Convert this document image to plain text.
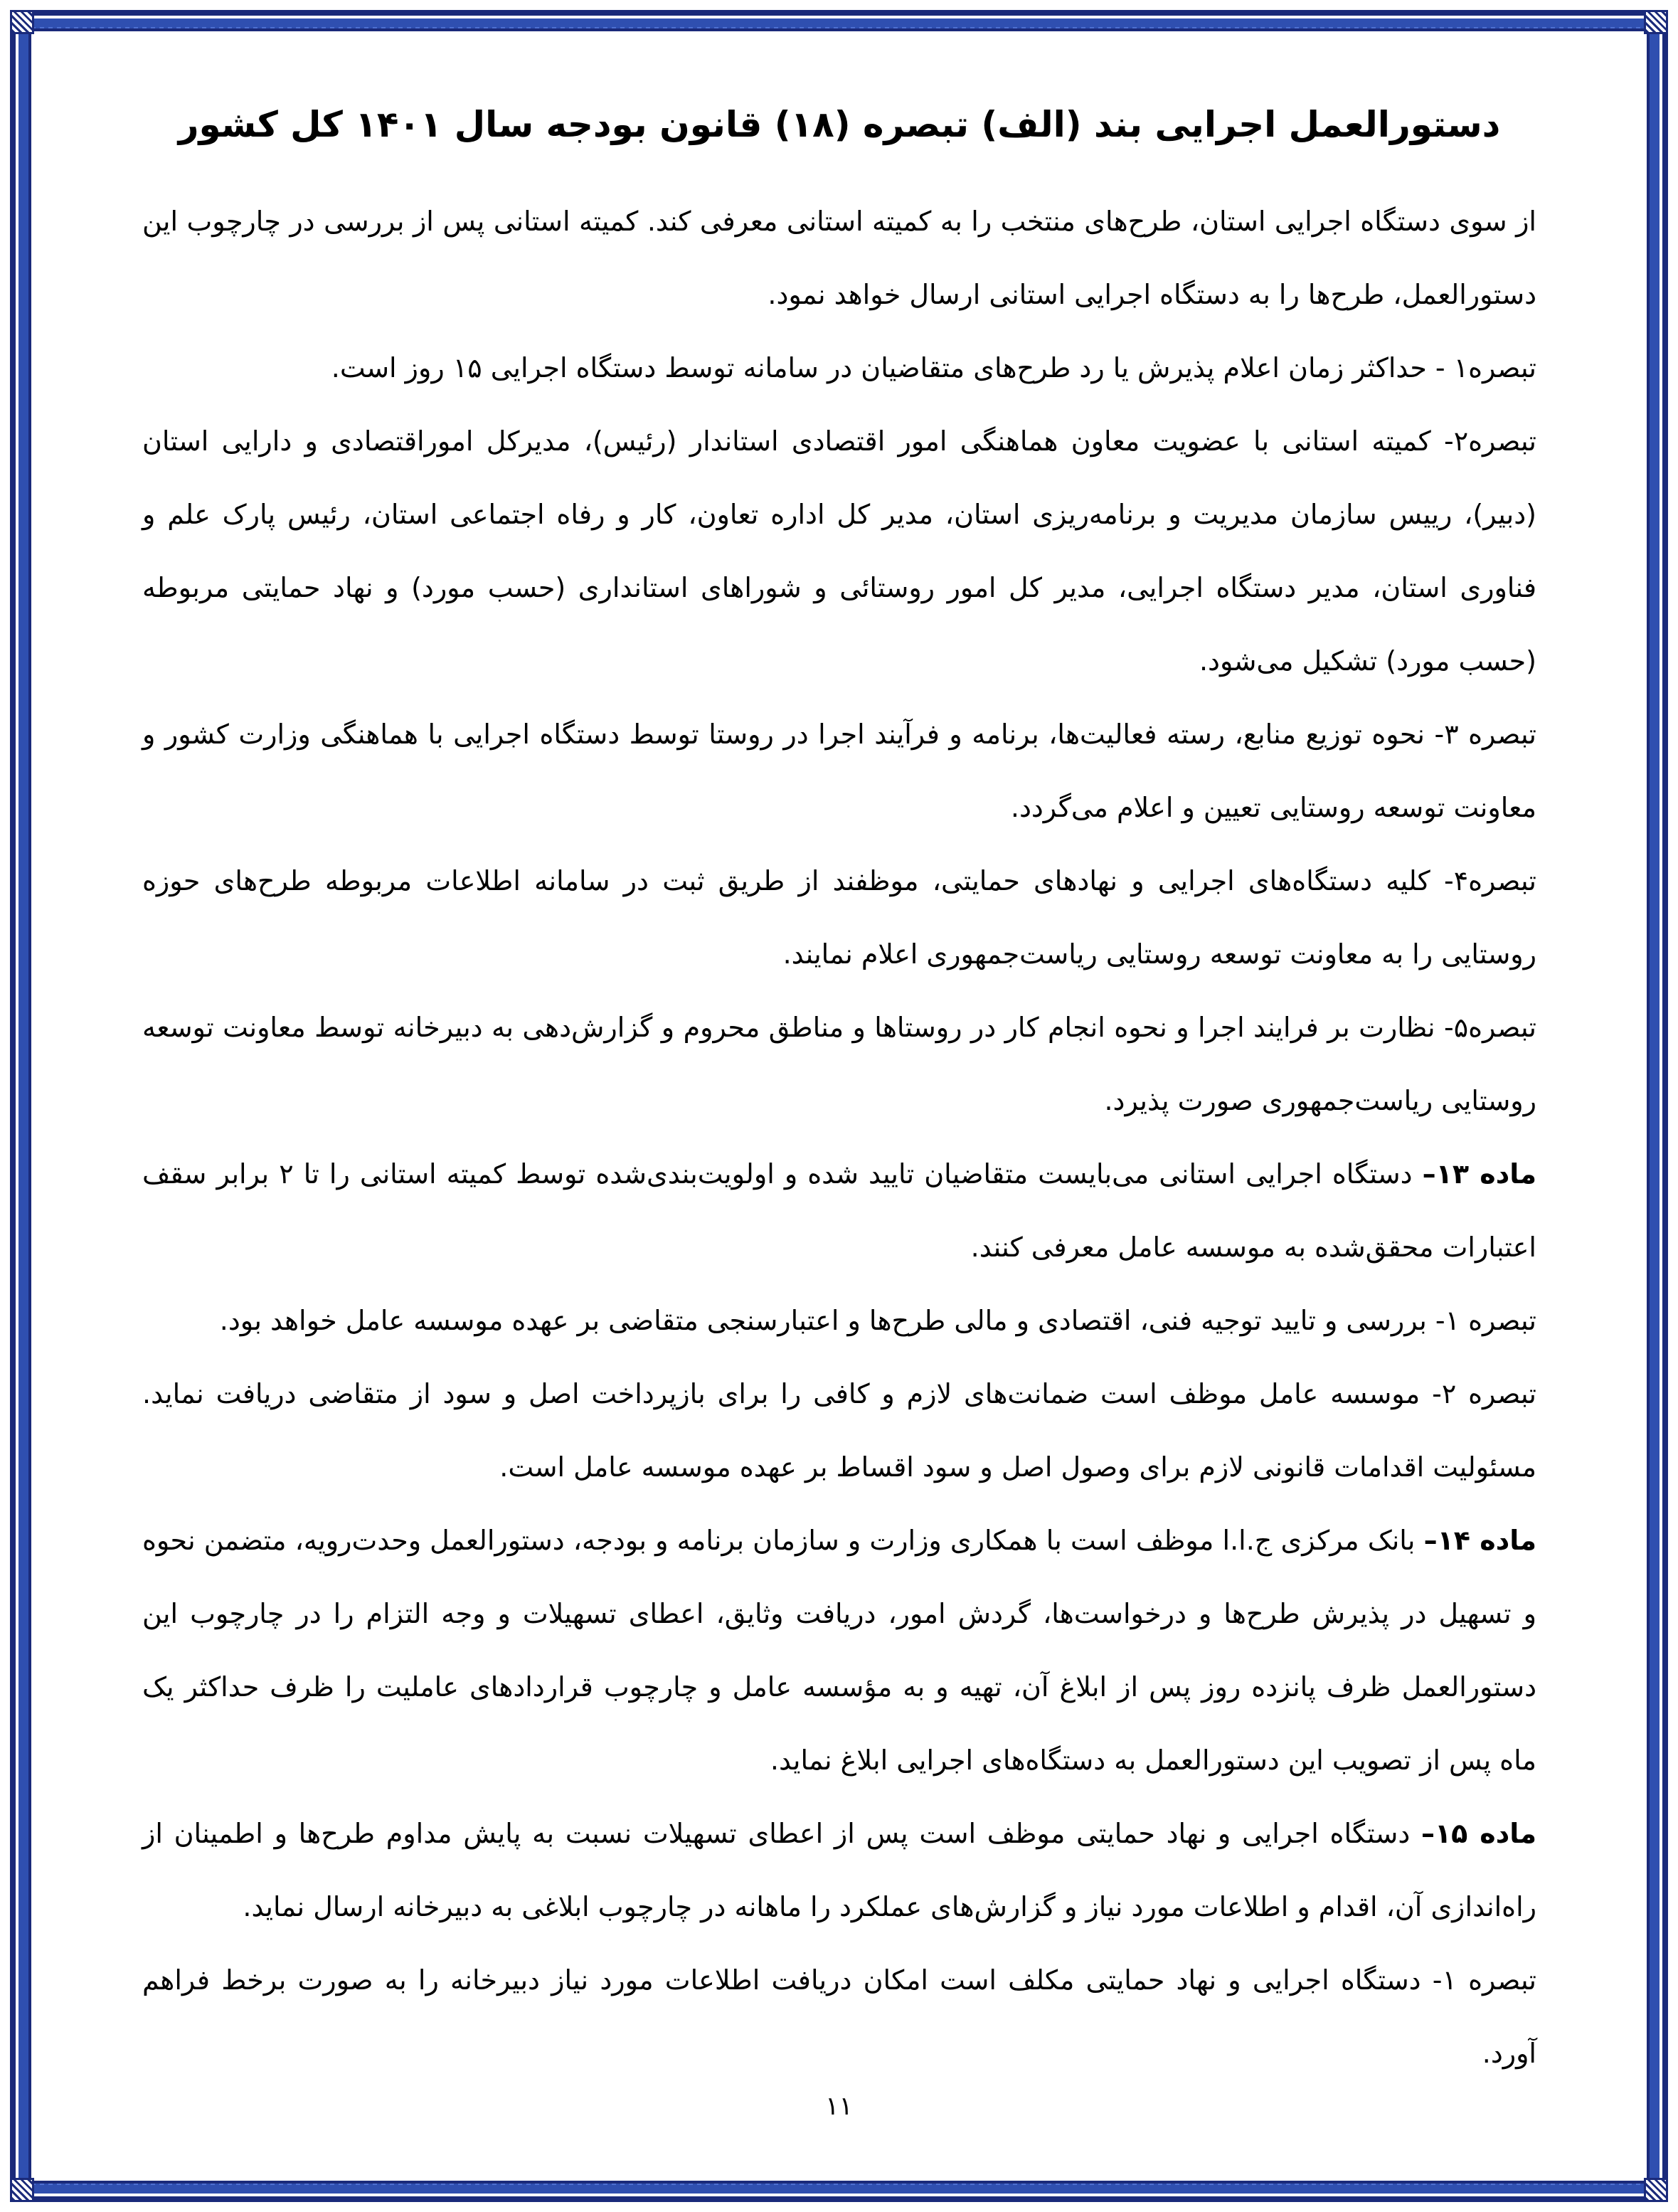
دستورالعمل اجرایی بند (الف) تبصره (۱۸) قانون بودجه سال ۱۴۰۱ کل کشور

از سوی دستگاه اجرایی استان، طرح‌های منتخب را به کمیته استانی معرفی کند. کمیته استانی پس از بررسی در چارچوب این دستورالعمل، طرح‌ها را به دستگاه اجرایی استانی ارسال خواهد نمود.

تبصره۱ - حداکثر زمان اعلام پذیرش یا رد طرح‌های متقاضیان در سامانه توسط دستگاه اجرایی ۱۵ روز است.

تبصره۲- کمیته استانی با عضویت معاون هماهنگی امور اقتصادی استاندار (رئیس)، مدیرکل امور‌اقتصادی و دارایی استان (دبیر)، رییس سازمان مدیریت و برنامه‌ریزی استان، مدیر کل اداره تعاون، کار و رفاه اجتماعی استان، رئیس پارک علم و فناوری استان، مدیر دستگاه اجرایی، مدیر کل امور روستائی و شوراهای استانداری (حسب مورد) و نهاد حمایتی مربوطه (حسب مورد) تشکیل می‌شود.

تبصره ۳- نحوه توزیع منابع، رسته فعالیت‌ها، برنامه و فرآیند اجرا در روستا توسط دستگاه اجرایی با هماهنگی وزارت کشور و معاونت توسعه روستایی تعیین و اعلام می‌گردد.

تبصره۴- کلیه دستگاه‌های اجرایی و نهادهای حمایتی، موظفند از طریق ثبت در سامانه اطلاعات مربوطه طرح‌های حوزه روستایی را به معاونت توسعه روستایی ریاست‌جمهوری اعلام نمایند.

تبصره۵- نظارت بر فرایند اجرا و نحوه انجام کار در روستاها و مناطق محروم و گزارش‌دهی به دبیرخانه توسط معاونت توسعه روستایی ریاست‌جمهوری صورت پذیرد.

ماده ۱۳– دستگاه اجرایی استانی می‌بایست متقاضیان تایید شده و اولویت‌بندی‌شده توسط کمیته استانی را تا ۲ برابر سقف اعتبارات محقق‌شده به موسسه عامل معرفی کنند.

تبصره ۱- بررسی و تایید توجیه فنی، اقتصادی و مالی طرح‌ها و اعتبارسنجی متقاضی بر عهده موسسه عامل خواهد بود.

تبصره ۲- موسسه عامل موظف است ضمانت‌های لازم و کافی را برای بازپرداخت اصل و سود از متقاضی دریافت نماید. مسئولیت اقدامات قانونی لازم برای وصول اصل و سود اقساط بر عهده موسسه عامل است.

ماده ۱۴– بانک مرکزی ج.ا.ا موظف است با همکاری وزارت و سازمان برنامه و بودجه، دستورالعمل وحدت‌رویه، متضمن نحوه و تسهیل در پذیرش طرح‌ها و درخواست‌ها، گردش امور، دریافت وثایق، اعطای تسهیلات و وجه التزام را در چارچوب این دستورالعمل ظرف پانزده روز پس از ابلاغ آن، تهیه و به مؤسسه عامل و چارچوب قراردادهای عاملیت را ظرف حداکثر یک ماه پس از تصویب این دستورالعمل به دستگاه‌های اجرایی ابلاغ نماید.

ماده ۱۵– دستگاه اجرایی و نهاد حمایتی موظف است پس از اعطای تسهیلات نسبت به پایش مداوم طرح‌ها و اطمینان از راه‌اندازی آن، اقدام و اطلاعات مورد نیاز و گزارش‌های عملکرد را ماهانه در چارچوب ابلاغی به دبیرخانه ارسال نماید.

تبصره ۱- دستگاه اجرایی و نهاد حمایتی مکلف است امکان دریافت اطلاعات مورد نیاز دبیرخانه را به صورت برخط فراهم آورد.

۱۱
